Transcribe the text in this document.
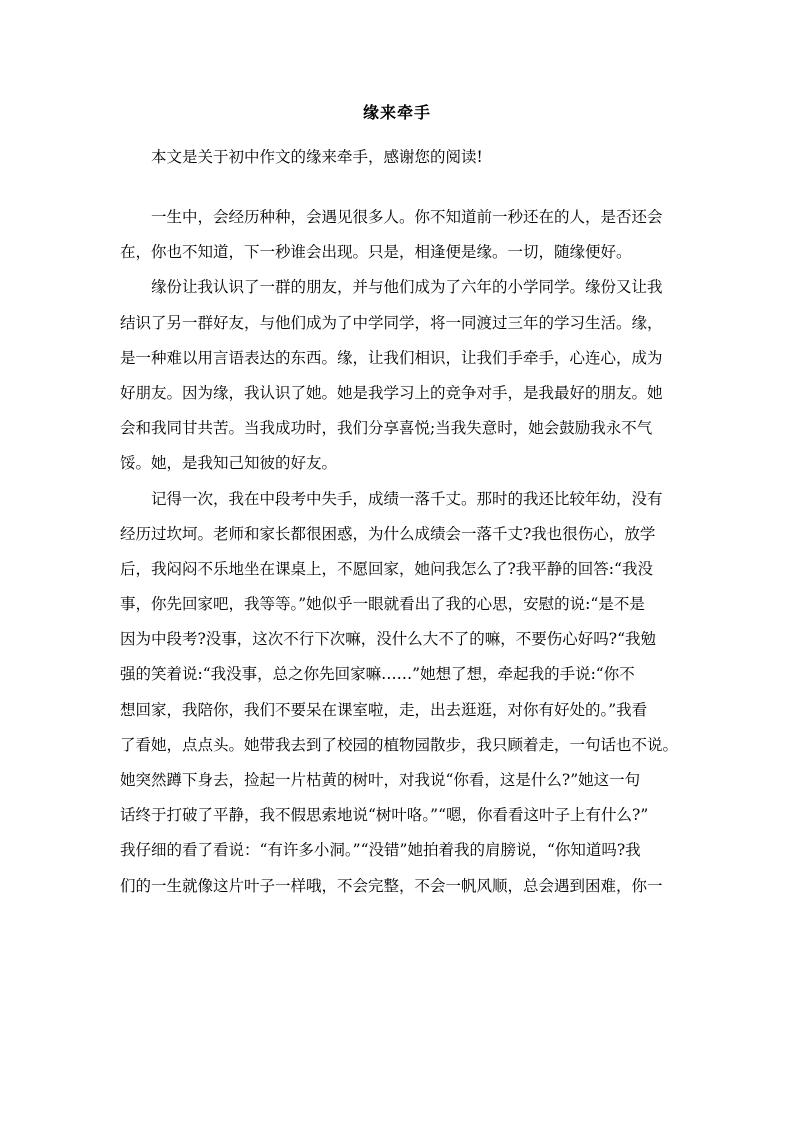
缘来牵手
本文是关于初中作文的缘来牵手，感谢您的阅读!

一生中，会经历种种，会遇见很多人。你不知道前一秒还在的人，是否还会
在，你也不知道，下一秒谁会出现。只是，相逢便是缘。一切，随缘便好。

缘份让我认识了一群的朋友，并与他们成为了六年的小学同学。缘份又让我
结识了另一群好友，与他们成为了中学同学，将一同渡过三年的学习生活。缘，
是一种难以用言语表达的东西。缘，让我们相识，让我们手牵手，心连心，成为
好朋友。因为缘，我认识了她。她是我学习上的竞争对手，是我最好的朋友。她
会和我同甘共苦。当我成功时，我们分享喜悦;当我失意时，她会鼓励我永不气
馁。她，是我知己知彼的好友。

记得一次，我在中段考中失手，成绩一落千丈。那时的我还比较年幼，没有
经历过坎坷。老师和家长都很困惑，为什么成绩会一落千丈?我也很伤心，放学
后，我闷闷不乐地坐在课桌上，不愿回家，她问我怎么了?我平静的回答:“我没
事，你先回家吧，我等等。”她似乎一眼就看出了我的心思，安慰的说:“是不是
因为中段考?没事，这次不行下次嘛，没什么大不了的嘛，不要伤心好吗?“我勉
强的笑着说:“我没事，总之你先回家嘛……”她想了想，牵起我的手说:“你不
想回家，我陪你，我们不要呆在课室啦，走，出去逛逛，对你有好处的。”我看
了看她，点点头。她带我去到了校园的植物园散步，我只顾着走，一句话也不说。
她突然蹲下身去，捡起一片枯黄的树叶，对我说“你看，这是什么?”她这一句
话终于打破了平静，我不假思索地说“树叶咯。”“嗯，你看看这叶子上有什么?”
我仔细的看了看说：“有许多小洞。”“没错”她拍着我的肩膀说，“你知道吗?我
们的一生就像这片叶子一样哦，不会完整，不会一帆风顺，总会遇到困难，你一
